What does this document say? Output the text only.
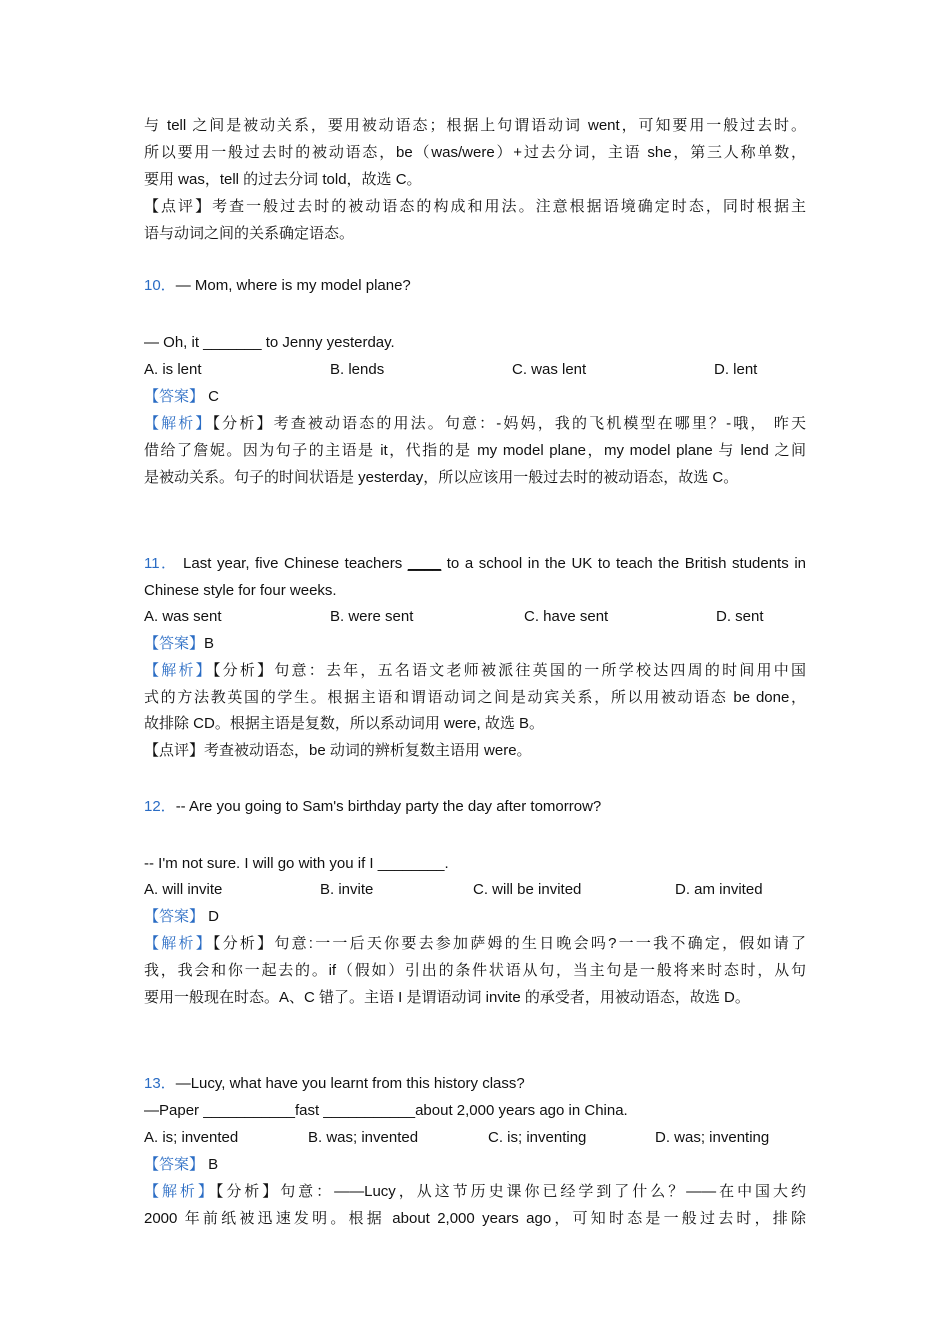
与 tell 之间是被动关系，要用被动语态；根据上句谓语动词 went，可知要用一般过去时。
所以要用一般过去时的被动语态，be（was/were）+过去分词，主语 she，第三人称单数，
要用 was，tell 的过去分词 told，故选 C。
【点评】考查一般过去时的被动语态的构成和用法。注意根据语境确定时态，同时根据主
语与动词之间的关系确定语态。
10．— Mom, where is my model plane?
— Oh, it _______ to Jenny yesterday.
A. is lent	B. lends	C. was lent	D. lent
【答案】 C
【解析】【分析】考查被动语态的用法。句意：-妈妈，我的飞机模型在哪里？-哦， 昨天
借给了詹妮。因为句子的主语是 it，代指的是 my model plane，my model plane 与 lend 之间
是被动关系。句子的时间状语是 yesterday，所以应该用一般过去时的被动语态，故选 C。
11． Last year, five Chinese teachers ____ to a school in the UK to teach the British students in
Chinese style for four weeks.
A. was sent	B. were sent	C. have sent	D. sent
【答案】B
【解析】【分析】句意：去年，五名语文老师被派往英国的一所学校达四周的时间用中国
式的方法教英国的学生。根据主语和谓语动词之间是动宾关系，所以用被动语态 be done，
故排除 CD。根据主语是复数，所以系动词用 were, 故选 B。
【点评】考查被动语态，be 动词的辨析复数主语用 were。
12．-- Are you going to Sam's birthday party the day after tomorrow?
-- I'm not sure. I will go with you if I ________.
A. will invite	B. invite	C. will be invited	D. am invited
【答案】 D
【解析】【分析】句意:一一后天你要去参加萨姆的生日晚会吗?一一我不确定，假如请了
我，我会和你一起去的。if（假如）引出的条件状语从句，当主句是一般将来时态时，从句
要用一般现在时态。A、C 错了。主语 I 是谓语动词 invite 的承受者，用被动语态，故选 D。
13．—Lucy, what have you learnt from this history class?
—Paper ___________fast ___________about 2,000 years ago in China.
A. is; invented	B. was; invented	C. is; inventing	D. was; inventing
【答案】 B
【解析】【分析】句意：——Lucy，从这节历史课你已经学到了什么？——在中国大约
2000 年前纸被迅速发明。根据 about 2,000 years ago，可知时态是一般过去时，排除
